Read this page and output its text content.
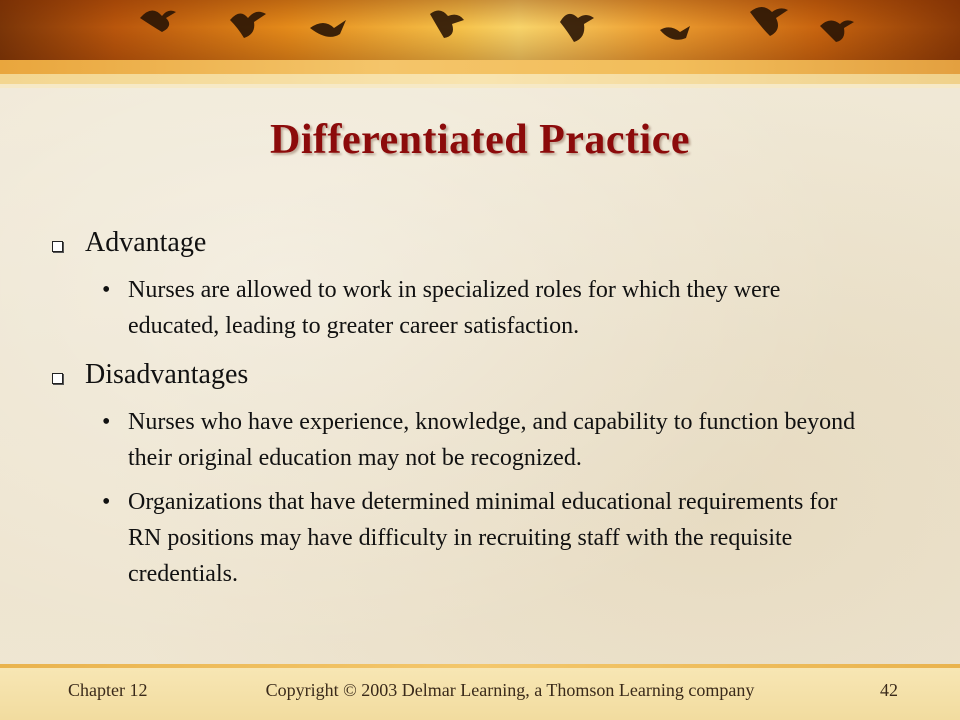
Differentiated Practice
Advantage
• Nurses are allowed to work in specialized roles for which they were educated, leading to greater career satisfaction.
Disadvantages
• Nurses who have experience, knowledge, and capability to function beyond their original education may not be recognized.
• Organizations that have determined minimal educational requirements for RN positions may have difficulty in recruiting staff with the requisite credentials.
Chapter 12	Copyright © 2003 Delmar Learning, a Thomson Learning company	42
